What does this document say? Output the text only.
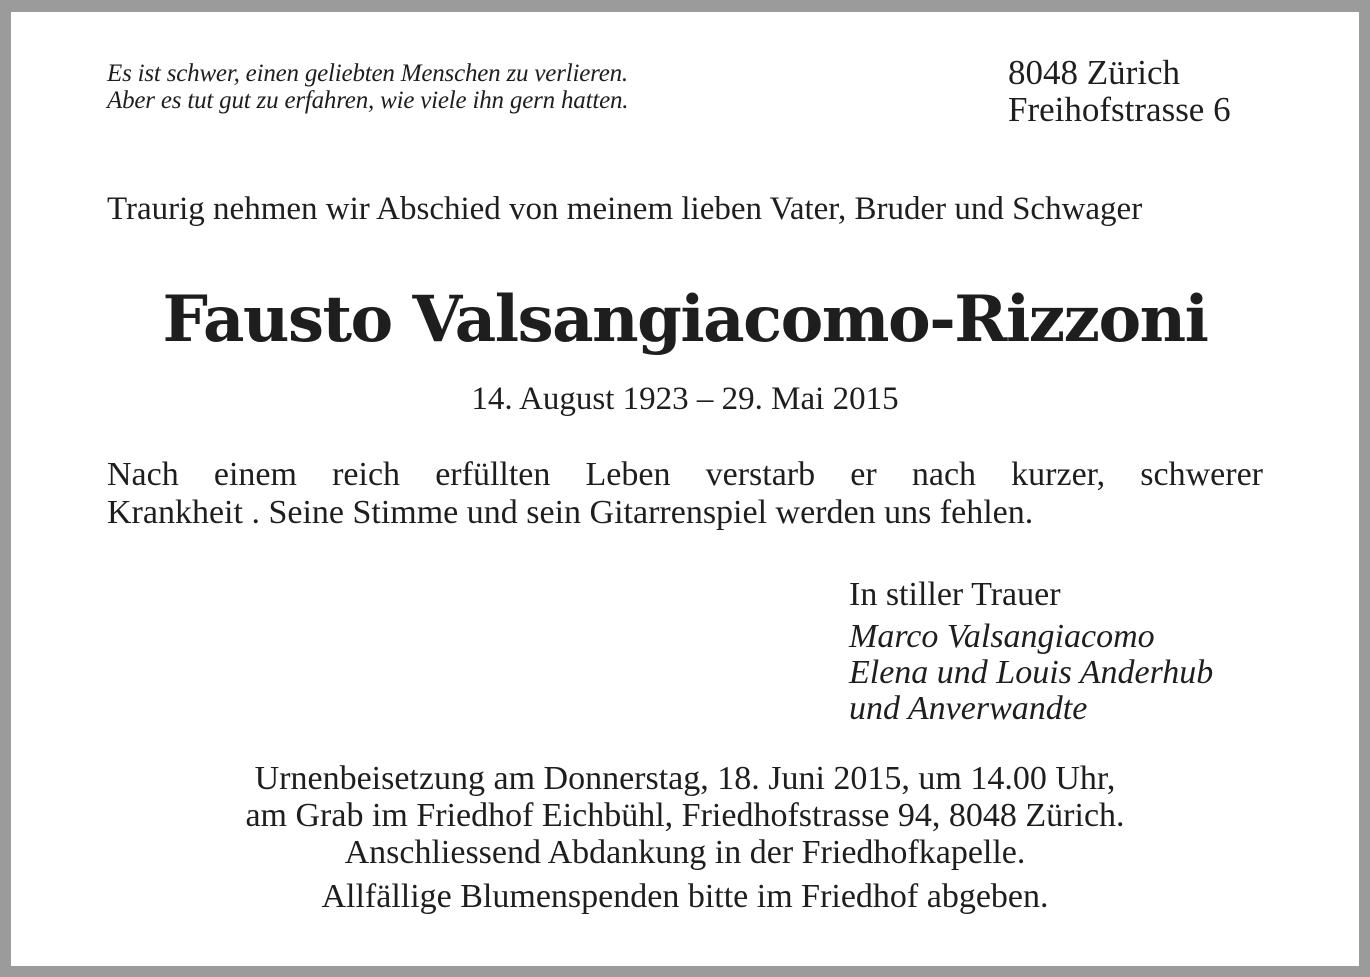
Es ist schwer, einen geliebten Menschen zu verlieren.
Aber es tut gut zu erfahren, wie viele ihn gern hatten.
8048 Zürich
Freihofstrasse 6
Traurig nehmen wir Abschied von meinem lieben Vater, Bruder und Schwager
Fausto Valsangiacomo-Rizzoni
14. August 1923 – 29. Mai 2015
Nach einem reich erfüllten Leben verstarb er nach kurzer, schwerer
Krankheit . Seine Stimme und sein Gitarrenspiel werden uns fehlen.
In stiller Trauer
Marco Valsangiacomo
Elena und Louis Anderhub
und Anverwandte
Urnenbeisetzung am Donnerstag, 18. Juni 2015, um 14.00 Uhr,
am Grab im Friedhof Eichbühl, Friedhofstrasse 94, 8048 Zürich.
Anschliessend Abdankung in der Friedhofkapelle.
Allfällige Blumenspenden bitte im Friedhof abgeben.
